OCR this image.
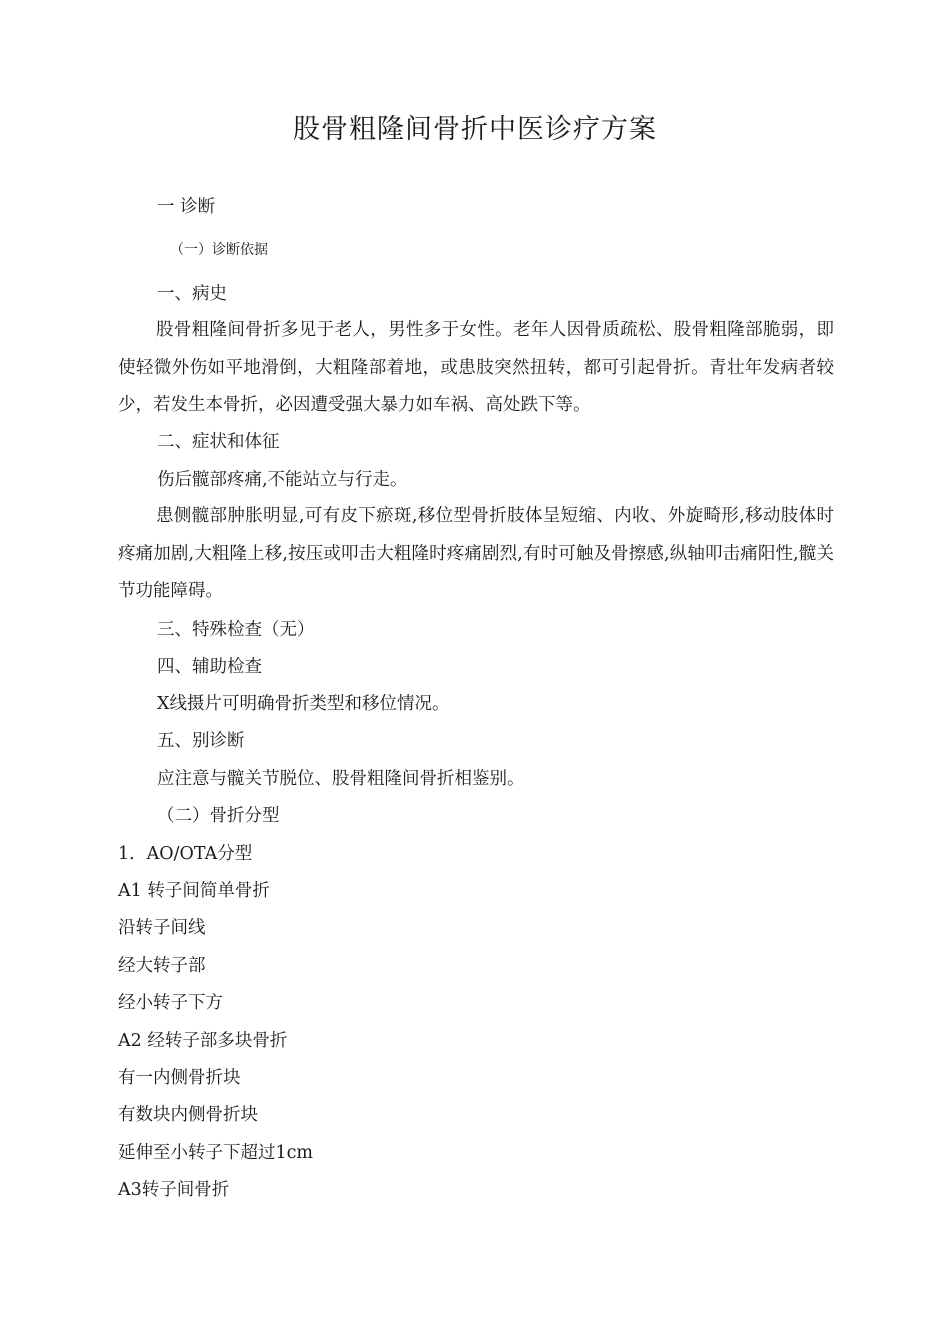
股骨粗隆间骨折中医诊疗方案
一 诊断
（一）诊断依据
一、病史
股骨粗隆间骨折多见于老人，男性多于女性。老年人因骨质疏松、股骨粗隆部脆弱，即使轻微外伤如平地滑倒，大粗隆部着地，或患肢突然扭转，都可引起骨折。青壮年发病者较少，若发生本骨折，必因遭受强大暴力如车祸、高处跌下等。
二、症状和体征
伤后髋部疼痛,不能站立与行走。
患侧髋部肿胀明显,可有皮下瘀斑,移位型骨折肢体呈短缩、内收、外旋畸形,移动肢体时疼痛加剧,大粗隆上移,按压或叩击大粗隆时疼痛剧烈,有时可触及骨擦感,纵轴叩击痛阳性,髋关节功能障碍。
三、特殊检查（无）
四、辅助检查
X线摄片可明确骨折类型和移位情况。
五、别诊断
应注意与髋关节脱位、股骨粗隆间骨折相鉴别。
（二）骨折分型
1．AO/OTA分型
A1 转子间简单骨折
沿转子间线
经大转子部
经小转子下方
A2 经转子部多块骨折
有一内侧骨折块
有数块内侧骨折块
延伸至小转子下超过1cm
A3转子间骨折
